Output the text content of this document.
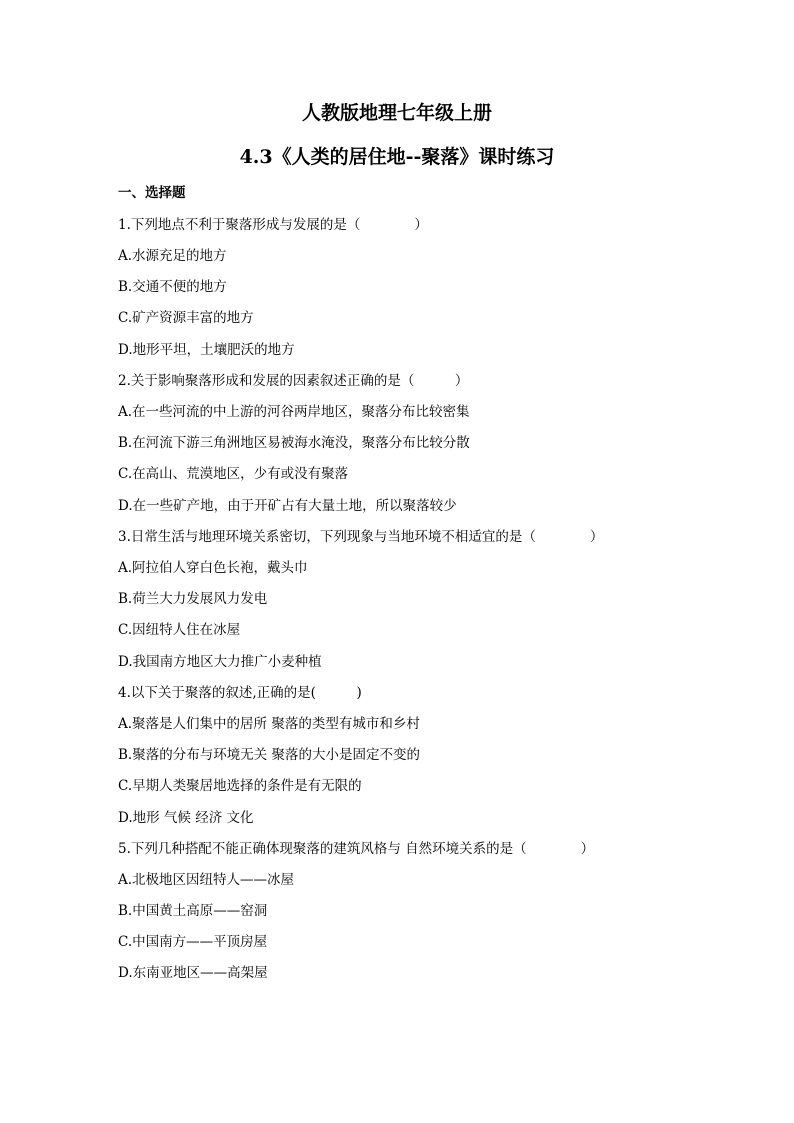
人教版地理七年级上册
4.3《人类的居住地--聚落》课时练习
一、选择题
1.下列地点不利于聚落形成与发展的是（　　　　）
A.水源充足的地方
B.交通不便的地方
C.矿产资源丰富的地方
D.地形平坦，土壤肥沃的地方
2.关于影响聚落形成和发展的因素叙述正确的是（　　　）
A.在一些河流的中上游的河谷两岸地区，聚落分布比较密集
B.在河流下游三角洲地区易被海水淹没，聚落分布比较分散
C.在高山、荒漠地区，少有或没有聚落
D.在一些矿产地，由于开矿占有大量土地，所以聚落较少
3.日常生活与地理环境关系密切，下列现象与当地环境不相适宜的是（　　　　）
A.阿拉伯人穿白色长袍，戴头巾
B.荷兰大力发展风力发电
C.因纽特人住在冰屋
D.我国南方地区大力推广小麦种植
4.以下关于聚落的叙述,正确的是(　　　)
A.聚落是人们集中的居所 聚落的类型有城市和乡村
B.聚落的分布与环境无关 聚落的大小是固定不变的
C.早期人类聚居地选择的条件是有无限的
D.地形 气候 经济 文化
5.下列几种搭配不能正确体现聚落的建筑风格与 自然环境关系的是（　　　　）
A.北极地区因纽特人——冰屋
B.中国黄土高原——窑洞
C.中国南方——平顶房屋
D.东南亚地区——高架屋
